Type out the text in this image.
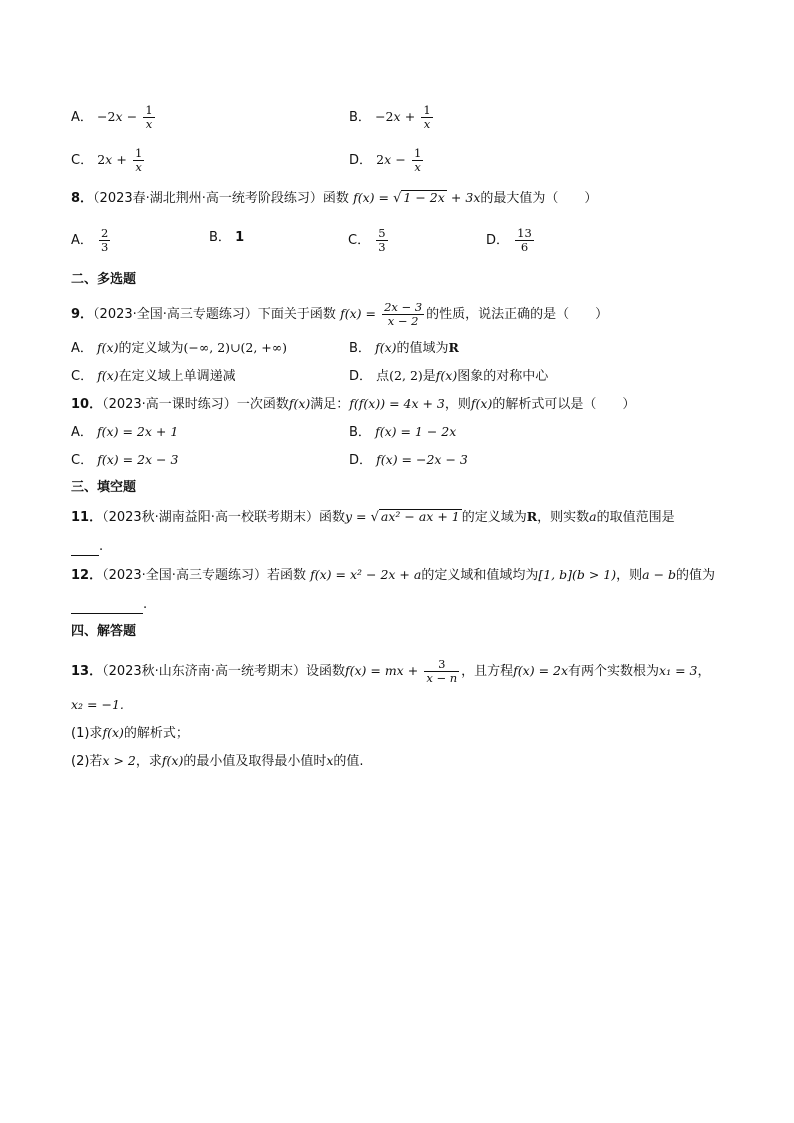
A． $-2x - \frac{1}{x}$	B． $-2x + \frac{1}{x}$
C． $2x + \frac{1}{x}$	D． $2x - \frac{1}{x}$
8．（2023春·湖北荆州·高一统考阶段练习）函数 f(x) = √ 1 − 2x + 3x的最大值为（　　）
A． $\frac{2}{3}$	B． 1	C． $\frac{5}{3}$	D． $\frac{13}{6}$
二、多选题
9．（2023·全国·高三专题练习）下面关于函数 $f(x) = \frac{2x - 3}{x - 2}$ 的性质，说法正确的是（　　）
A． f(x)的定义域为(−∞, 2)∪(2, +∞)	B． f(x)的值域为R
C． f(x)在定义域上单调递减	D． 点(2, 2)是f(x)图象的对称中心
10．（2023·高一课时练习）一次函数f(x)满足：f(f(x)) = 4x + 3，则f(x)的解析式可以是（　　）
A． f(x) = 2x + 1	B． f(x) = 1 − 2x
C． f(x) = 2x − 3	D． f(x) = −2x − 3
三、填空题
11．（2023秋·湖南益阳·高一校联考期末）函数y = √ ax² − ax + 1 的定义域为R，则实数a的取值范围是
.
12．（2023·全国·高三专题练习）若函数 f(x) = x² − 2x + a的定义域和值域均为[1, b](b > 1)，则a − b的值为
.
四、解答题
13．（2023秋·山东济南·高一统考期末）设函数f(x) = mx + $\frac{3}{x - n}$ ，且方程f(x) = 2x有两个实数根为x₁ = 3，
x₂ = −1.
(1)求f(x)的解析式；
(2)若x > 2，求f(x)的最小值及取得最小值时x的值.
